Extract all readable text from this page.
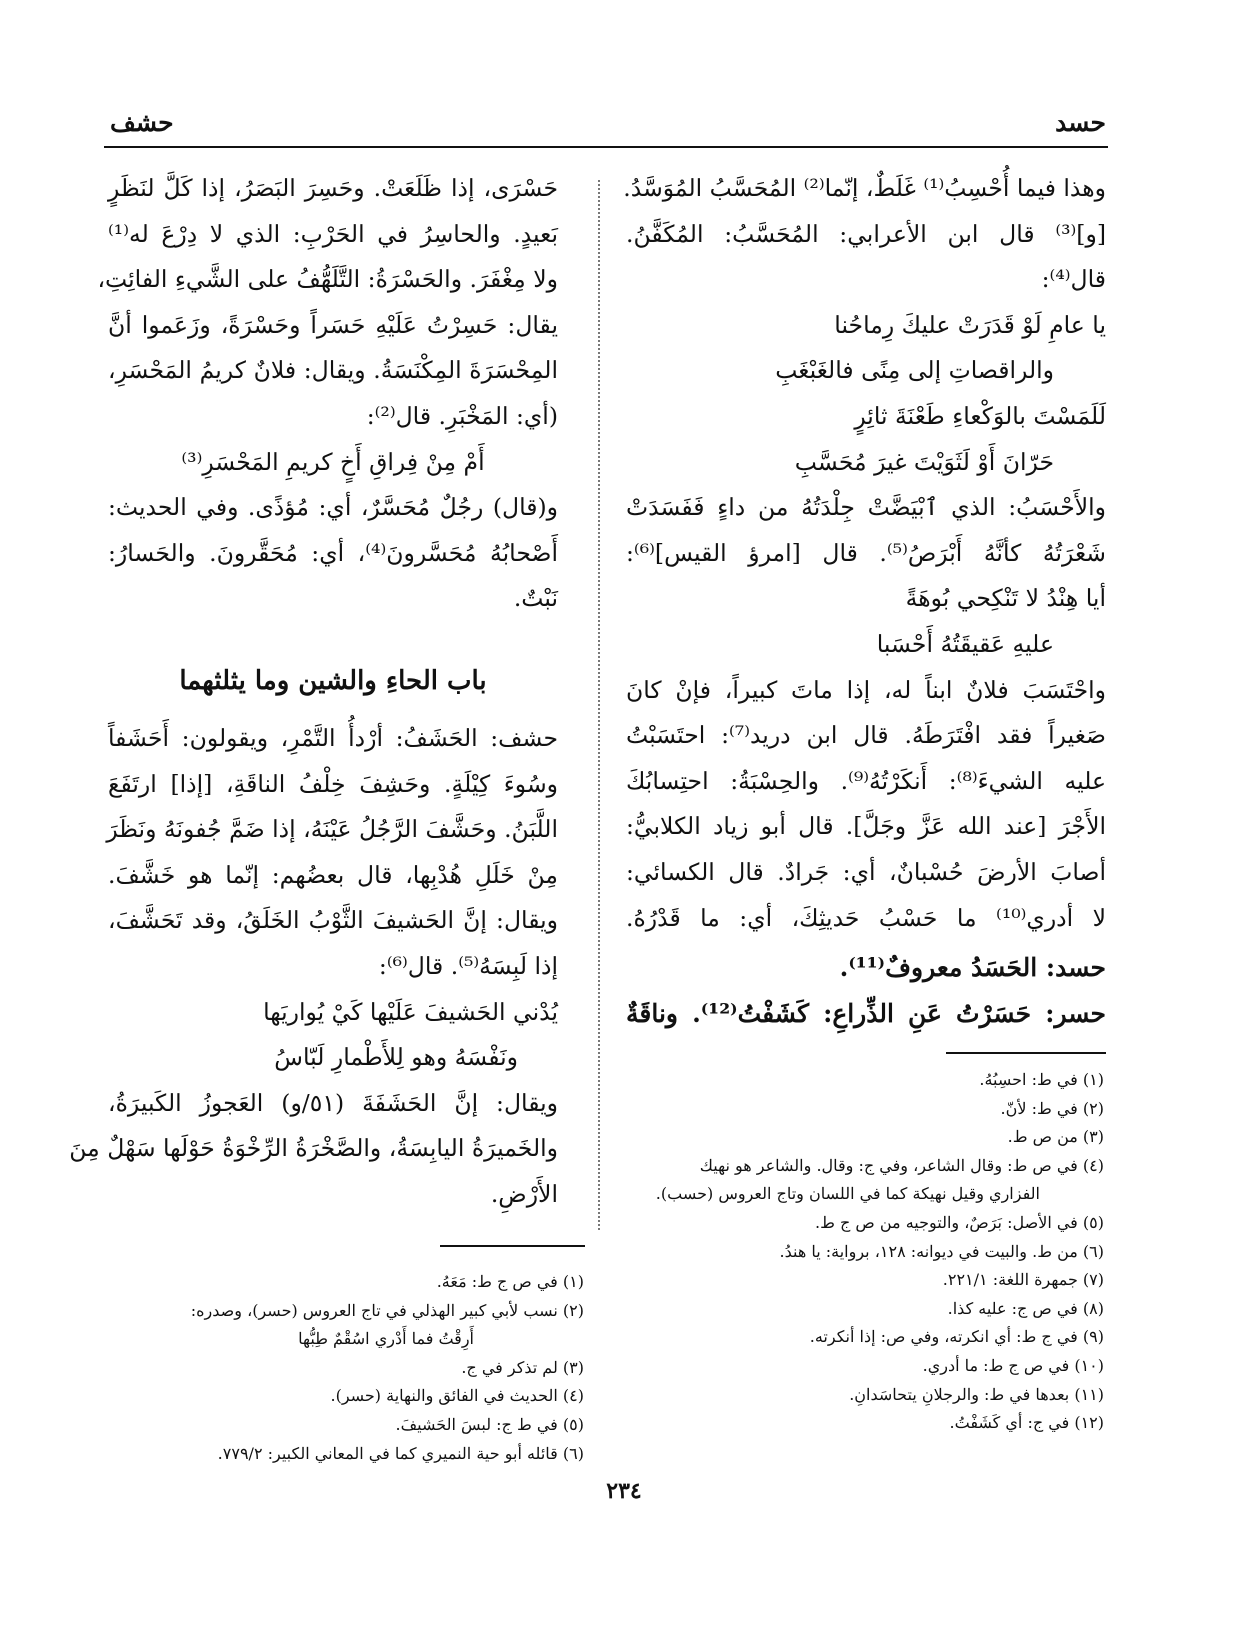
حسد
حشف
وهذا فيما أُحْسِبُ⁽¹⁾ غَلَطٌ، إنّما⁽²⁾ المُحَسَّبُ المُوَسَّدُ.
[و]⁽³⁾ قال ابن الأعرابي: المُحَسَّبُ: المُكَفَّنُ.
قال⁽⁴⁾:
يا عامِ لَوْ قَدَرَتْ عليكَ رِماحُنا
والراقصاتِ إلى مِنًى فالغَبْغَبِ
لَلَمَسْتَ بالوَكْعاءِ طَعْنَةَ ثائِرٍ
حَرّانَ أَوْ لَثَوَيْتَ غيرَ مُحَسَّبِ
والأَحْسَبُ: الذي ٱبْيَضَّتْ جِلْدَتُهُ من داءٍ فَفَسَدَتْ
شَعْرَتُهُ كأنَّهُ أَبْرَصُ⁽⁵⁾. قال [امرؤ القيس]⁽⁶⁾:
أيا هِنْدُ لا تَنْكِحي بُوهَةً
عليهِ عَقيقَتُهُ أَحْسَبا
واحْتَسَبَ فلانٌ ابناً له، إذا ماتَ كبيراً، فإنْ كانَ
صَغيراً فقد افْتَرَطَهُ. قال ابن دريد⁽⁷⁾: احتَسَبْتُ
عليه الشيءَ⁽⁸⁾: أَنكَرْتُهُ⁽⁹⁾. والحِسْبَةُ: احتِسابُكَ
الأَجْرَ [عند الله عَزَّ وجَلَّ]. قال أبو زياد الكلابيُّ:
أصابَ الأرضَ حُسْبانٌ، أي: جَرادٌ. قال الكسائي:
لا أدري⁽¹⁰⁾ ما حَسْبُ حَديثِكَ، أي: ما قَدْرُهُ.
حسد: الحَسَدُ معروفٌ⁽¹¹⁾.
حسر: حَسَرْتُ عَنِ الذِّراعِ: كَشَفْتُ⁽¹²⁾. وناقَةٌ
حَسْرَى، إذا ظَلَعَتْ. وحَسِرَ البَصَرُ، إذا كَلَّ لنَظَرٍ
بَعيدٍ. والحاسِرُ في الحَرْبِ: الذي لا دِرْعَ له⁽¹⁾
ولا مِغْفَرَ. والحَسْرَةُ: التَّلَهُّفُ على الشَّيءِ الفائِتِ،
يقال: حَسِرْتُ عَلَيْهِ حَسَراً وحَسْرَةً، وزَعَموا أنَّ
المِحْسَرَةَ المِكْنَسَةُ. ويقال: فلانٌ كريمُ المَحْسَرِ،
(أي: المَخْبَرِ. قال⁽²⁾:
أَمْ مِنْ فِراقِ أَخٍ كريمِ المَحْسَرِ⁽³⁾
و(قال) رجُلٌ مُحَسَّرٌ، أي: مُؤذًى. وفي الحديث:
أَصْحابُهُ مُحَسَّرونَ⁽⁴⁾، أي: مُحَقَّرونَ. والحَسارُ:
نَبْتٌ.
باب الحاءِ والشين وما يثلثهما
حشف: الحَشَفُ: أرْدأُ التَّمْرِ، ويقولون: أَحَشَفاً
وسُوءَ كِيْلَةٍ. وحَشِفَ خِلْفُ الناقَةِ، [إذا] ارتَفَعَ
اللَّبَنُ. وحَشَّفَ الرَّجُلُ عَيْنَهُ، إذا ضَمَّ جُفونَهُ ونَظَرَ
مِنْ خَلَلِ هُدْبِها، قال بعضُهم: إنّما هو خَشَّفَ.
ويقال: إنَّ الحَشيفَ الثَّوْبُ الخَلَقُ، وقد تَحَشَّفَ،
إذا لَبِسَهُ⁽⁵⁾. قال⁽⁶⁾:
يُدْني الحَشيفَ عَلَيْها كَيْ يُواريَها
ونَفْسَهُ وهو لِلأَطْمارِ لَبّاسُ
ويقال: إنَّ الحَشَفَةَ (٥١/و) العَجوزُ الكَبيرَةُ،
والخَميرَةُ اليابِسَةُ، والصَّخْرَةُ الرِّخْوَةُ حَوْلَها سَهْلٌ مِنَ
الأَرْضِ.
(١) في ط: احسِبُهُ.
(٢) في ط: لأنّ.
(٣) من ص ط.
(٤) في ص ط: وقال الشاعر، وفي ج: وقال. والشاعر هو نهيك
الفزاري وقيل نهيكة كما في اللسان وتاج العروس (حسب).
(٥) في الأصل: بَرَصٌ، والتوجيه من ص ج ط.
(٦) من ط. والبيت في ديوانه: ١٢٨، برواية: يا هندُ.
(٧) جمهرة اللغة: ٢٢١/١.
(٨) في ص ج: عليه كذا.
(٩) في ج ط: أي انكرته، وفي ص: إذا أنكرته.
(١٠) في ص ج ط: ما أدري.
(١١) بعدها في ط: والرجلانِ يتحاسَدانِ.
(١٢) في ج: أي كَشَفْتُ.
(١) في ص ج ط: مَعَهُ.
(٢) نسب لأبي كبير الهذلي في تاج العروس (حسر)، وصدره:
أَرِقْتُ فما أَدْري اسُقْمٌ طِبُّها
(٣) لم تذكر في ج.
(٤) الحديث في الفائق والنهاية (حسر).
(٥) في ط ج: لبسَ الحَشيفَ.
(٦) قائله أبو حية النميري كما في المعاني الكبير: ٧٧٩/٢.
٢٣٤
